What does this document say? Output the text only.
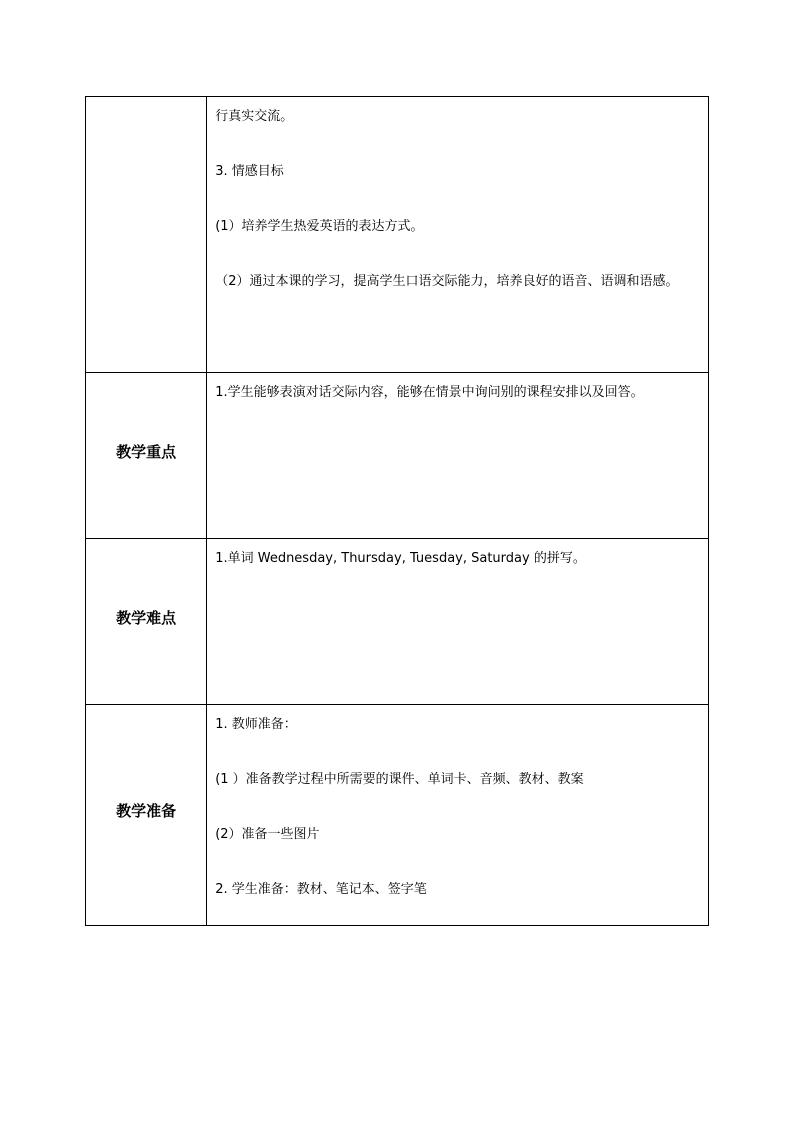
	行真实交流。

3. 情感目标

(1）培养学生热爱英语的表达方式。

（2）通过本课的学习，提高学生口语交际能力，培养良好的语音、语调和语感。

教学重点	1.学生能够表演对话交际内容，能够在情景中询问别的课程安排以及回答。

教学难点	1.单词 Wednesday, Thursday, Tuesday, Saturday 的拼写。

教学准备	1. 教师准备：

(1 ）准备教学过程中所需要的课件、单词卡、音频、教材、教案

(2）准备一些图片

2. 学生准备：教材、笔记本、签字笔
